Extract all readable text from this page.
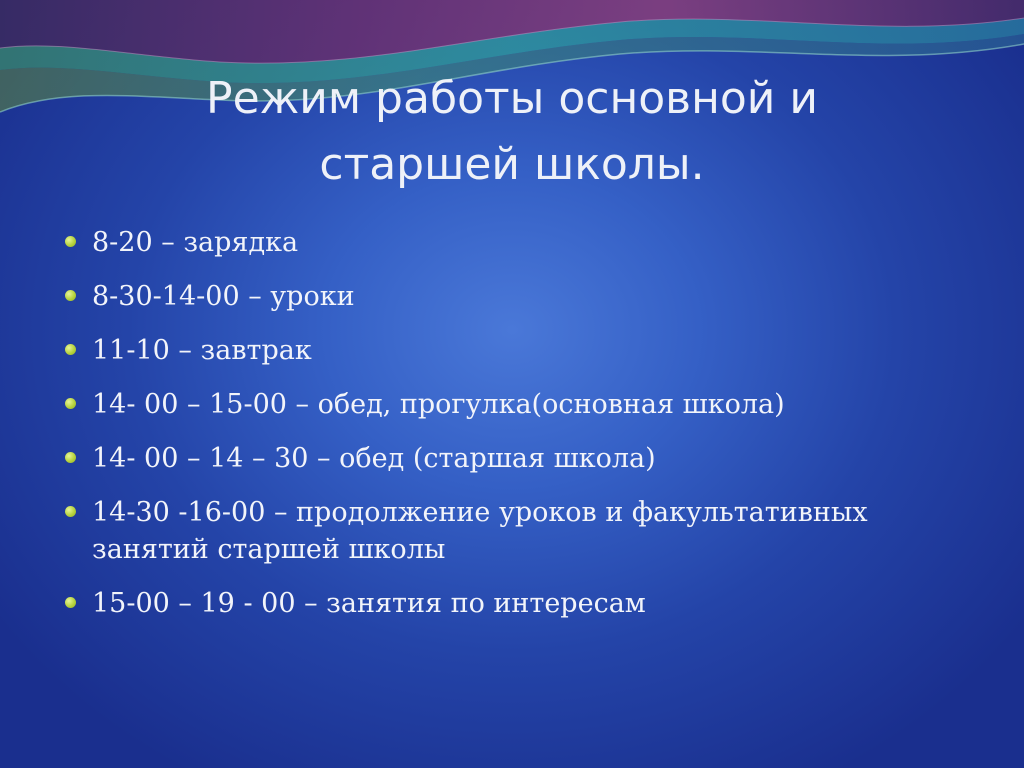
Режим работы основной и
старшей школы.
8-20 – зарядка
8-30-14-00 – уроки
11-10 – завтрак
14- 00 – 15-00 – обед, прогулка(основная школа)
14- 00 – 14 – 30 – обед (старшая школа)
14-30 -16-00 – продолжение уроков и факультативных занятий старшей школы
15-00 – 19 - 00 – занятия по интересам
